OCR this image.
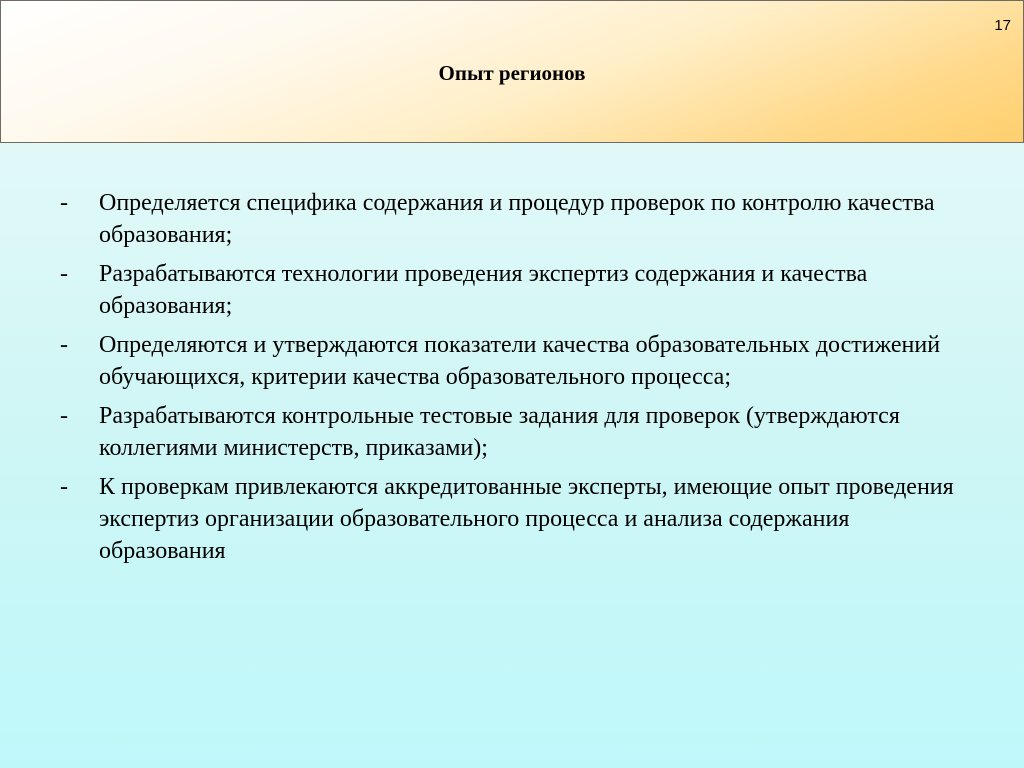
17
Опыт регионов
- Определяется специфика содержания и процедур проверок по контролю качества образования;
- Разрабатываются технологии проведения экспертиз содержания и качества образования;
- Определяются и утверждаются показатели качества образовательных достижений обучающихся, критерии качества образовательного процесса;
- Разрабатываются контрольные тестовые задания для проверок (утверждаются коллегиями министерств, приказами);
- К проверкам привлекаются аккредитованные эксперты, имеющие опыт проведения экспертиз организации образовательного процесса и анализа содержания образования
